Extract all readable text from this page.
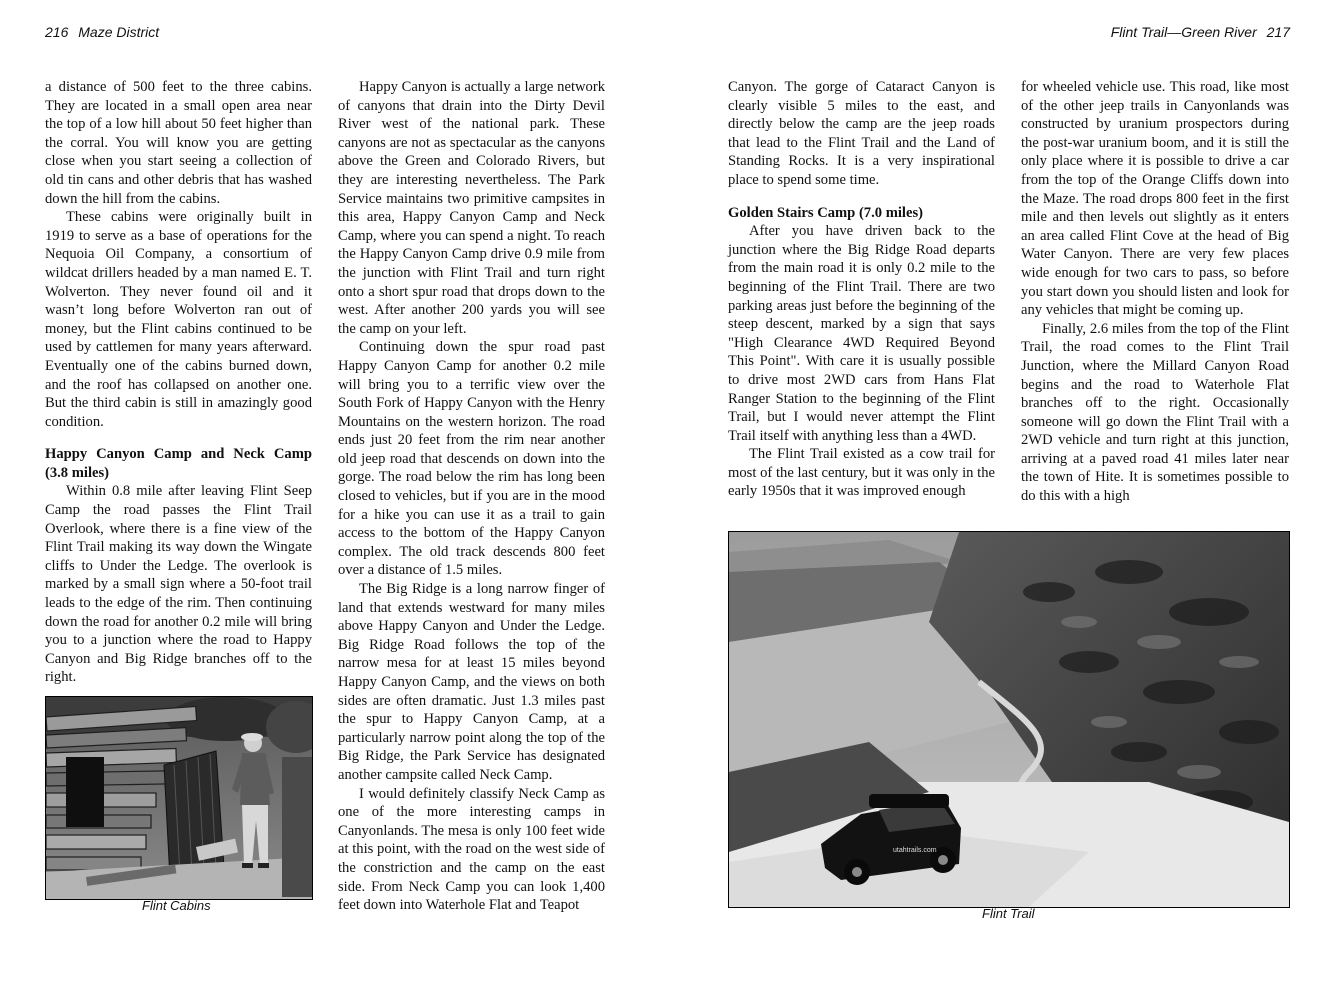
216 Maze District	Flint Trail—Green River 217

a distance of 500 feet to the three cabins. They are located in a small open area near the top of a low hill about 50 feet higher than the corral. You will know you are getting close when you start seeing a collection of old tin cans and other debris that has washed down the hill from the cabins.

These cabins were originally built in 1919 to serve as a base of operations for the Nequoia Oil Company, a consortium of wildcat drillers headed by a man named E. T. Wolverton. They never found oil and it wasn’t long before Wolverton ran out of money, but the Flint cabins continued to be used by cattlemen for many years afterward. Eventually one of the cabins burned down, and the roof has collapsed on another one. But the third cabin is still in amazingly good condition.

Happy Canyon Camp and Neck Camp (3.8 miles)

Within 0.8 mile after leaving Flint Seep Camp the road passes the Flint Trail Overlook, where there is a fine view of the Flint Trail making its way down the Wingate cliffs to Under the Ledge. The overlook is marked by a small sign where a 50-foot trail leads to the edge of the rim. Then continuing down the road for another 0.2 mile will bring you to a junction where the road to Happy Canyon and Big Ridge branches off to the right.

Flint Cabins

Happy Canyon is actually a large network of canyons that drain into the Dirty Devil River west of the national park. These canyons are not as spectacular as the canyons above the Green and Colorado Rivers, but they are interesting nevertheless. The Park Service maintains two primitive campsites in this area, Happy Canyon Camp and Neck Camp, where you can spend a night. To reach the Happy Canyon Camp drive 0.9 mile from the junction with Flint Trail and turn right onto a short spur road that drops down to the west. After another 200 yards you will see the camp on your left.

Continuing down the spur road past Happy Canyon Camp for another 0.2 mile will bring you to a terrific view over the South Fork of Happy Canyon with the Henry Mountains on the western horizon. The road ends just 20 feet from the rim near another old jeep road that descends on down into the gorge. The road below the rim has long been closed to vehicles, but if you are in the mood for a hike you can use it as a trail to gain access to the bottom of the Happy Canyon complex. The old track descends 800 feet over a distance of 1.5 miles.

The Big Ridge is a long narrow finger of land that extends westward for many miles above Happy Canyon and Under the Ledge. Big Ridge Road follows the top of the narrow mesa for at least 15 miles beyond Happy Canyon Camp, and the views on both sides are often dramatic. Just 1.3 miles past the spur to Happy Canyon Camp, at a particularly narrow point along the top of the Big Ridge, the Park Service has designated another campsite called Neck Camp.

I would definitely classify Neck Camp as one of the more interesting camps in Canyonlands. The mesa is only 100 feet wide at this point, with the road on the west side of the constriction and the camp on the east side. From Neck Camp you can look 1,400 feet down into Waterhole Flat and Teapot

Canyon. The gorge of Cataract Canyon is clearly visible 5 miles to the east, and directly below the camp are the jeep roads that lead to the Flint Trail and the Land of Standing Rocks. It is a very inspirational place to spend some time.

Golden Stairs Camp (7.0 miles)

After you have driven back to the junction where the Big Ridge Road departs from the main road it is only 0.2 mile to the beginning of the Flint Trail. There are two parking areas just before the beginning of the steep descent, marked by a sign that says "High Clearance 4WD Required Beyond This Point". With care it is usually possible to drive most 2WD cars from Hans Flat Ranger Station to the beginning of the Flint Trail, but I would never attempt the Flint Trail itself with anything less than a 4WD.

The Flint Trail existed as a cow trail for most of the last century, but it was only in the early 1950s that it was improved enough

for wheeled vehicle use. This road, like most of the other jeep trails in Canyonlands was constructed by uranium prospectors during the post-war uranium boom, and it is still the only place where it is possible to drive a car from the top of the Orange Cliffs down into the Maze. The road drops 800 feet in the first mile and then levels out slightly as it enters an area called Flint Cove at the head of Big Water Canyon. There are very few places wide enough for two cars to pass, so before you start down you should listen and look for any vehicles that might be coming up.

Finally, 2.6 miles from the top of the Flint Trail, the road comes to the Flint Trail Junction, where the Millard Canyon Road begins and the road to Waterhole Flat branches off to the right. Occasionally someone will go down the Flint Trail with a 2WD vehicle and turn right at this junction, arriving at a paved road 41 miles later near the town of Hite. It is sometimes possible to do this with a high

utahtrails.com
Flint Trail
